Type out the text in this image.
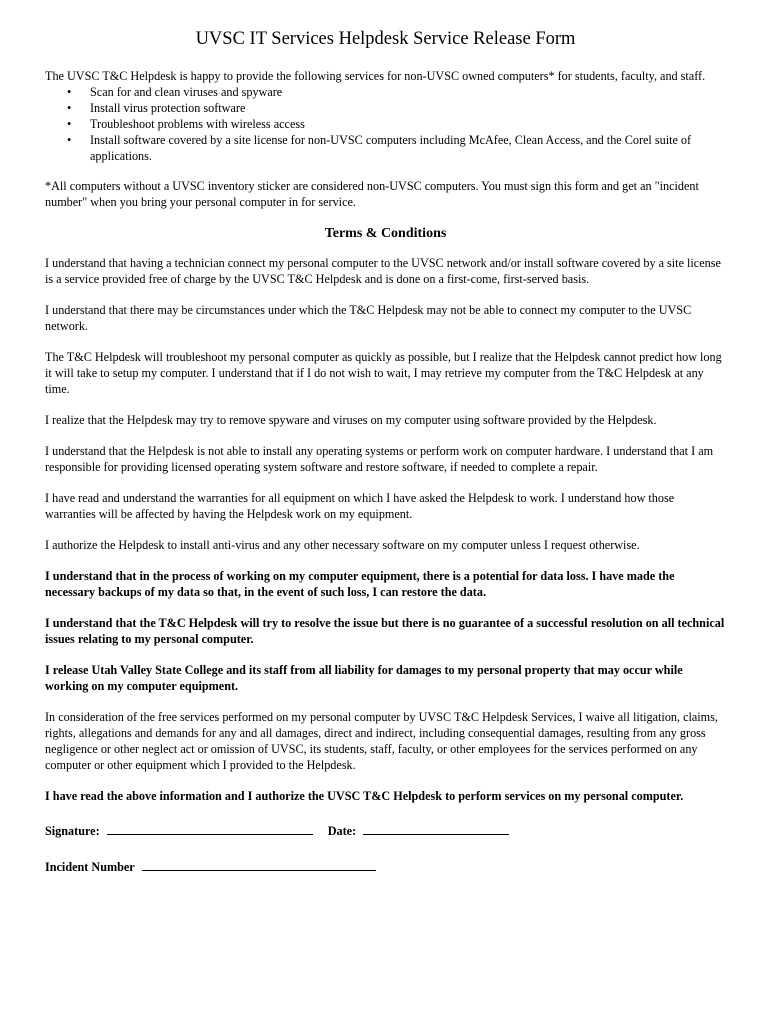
UVSC IT Services Helpdesk Service Release Form

The UVSC T&C Helpdesk is happy to provide the following services for non-UVSC owned computers* for students, faculty, and staff.

• Scan for and clean viruses and spyware
• Install virus protection software
• Troubleshoot problems with wireless access
• Install software covered by a site license for non-UVSC computers including McAfee, Clean Access, and the Corel suite of applications.

*All computers without a UVSC inventory sticker are considered non-UVSC computers. You must sign this form and get an "incident number" when you bring your personal computer in for service.

Terms & Conditions

I understand that having a technician connect my personal computer to the UVSC network and/or install software covered by a site license is a service provided free of charge by the UVSC T&C Helpdesk and is done on a first-come, first-served basis.

I understand that there may be circumstances under which the T&C Helpdesk may not be able to connect my computer to the UVSC network.

The T&C Helpdesk will troubleshoot my personal computer as quickly as possible, but I realize that the Helpdesk cannot predict how long it will take to setup my computer. I understand that if I do not wish to wait, I may retrieve my computer from the T&C Helpdesk at any time.

I realize that the Helpdesk may try to remove spyware and viruses on my computer using software provided by the Helpdesk.

I understand that the Helpdesk is not able to install any operating systems or perform work on computer hardware. I understand that I am responsible for providing licensed operating system software and restore software, if needed to complete a repair.

I have read and understand the warranties for all equipment on which I have asked the Helpdesk to work. I understand how those warranties will be affected by having the Helpdesk work on my equipment.

I authorize the Helpdesk to install anti-virus and any other necessary software on my computer unless I request otherwise.

I understand that in the process of working on my computer equipment, there is a potential for data loss. I have made the necessary backups of my data so that, in the event of such loss, I can restore the data.

I understand that the T&C Helpdesk will try to resolve the issue but there is no guarantee of a successful resolution on all technical issues relating to my personal computer.

I release Utah Valley State College and its staff from all liability for damages to my personal property that may occur while working on my computer equipment.

In consideration of the free services performed on my personal computer by UVSC T&C Helpdesk Services, I waive all litigation, claims, rights, allegations and demands for any and all damages, direct and indirect, including consequential damages, resulting from any gross negligence or other neglect act or omission of UVSC, its students, staff, faculty, or other employees for the services performed on any computer or other equipment which I provided to the Helpdesk.

I have read the above information and I authorize the UVSC T&C Helpdesk to perform services on my personal computer.

Signature:	Date:
Incident Number
